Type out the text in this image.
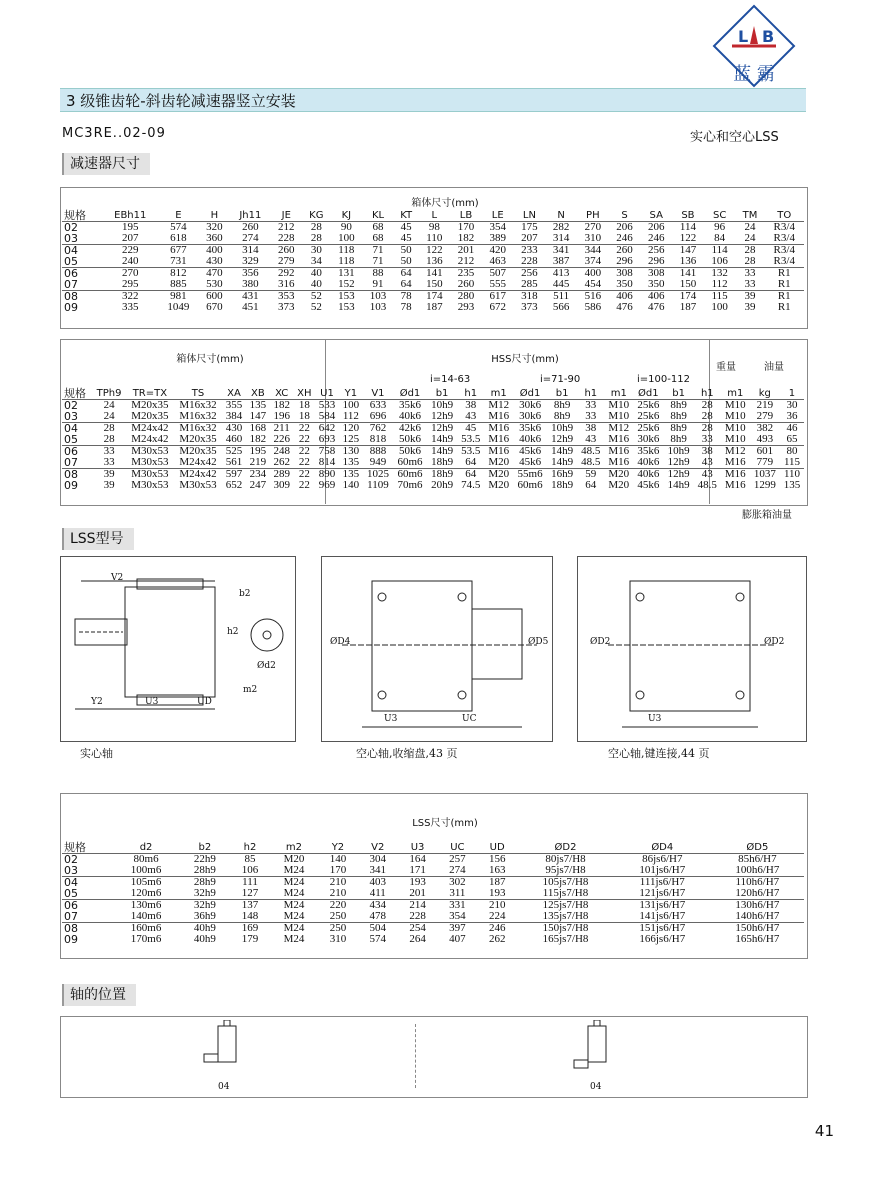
L B
蓝 霸
3 级锥齿轮-斜齿轮减速器竖立安装
MC3RE..02-09	实心和空心LSS
减速器尺寸
箱体尺寸(mm)
规格	EBh11	E	H	Jh11	JE	KG	KJ	KL	KT	L	LB	LE	LN	N	PH	S	SA	SB	SC	TM	TO
02	195	574	320	260	212	28	90	68	45	98	170	354	175	282	270	206	206	114	96	24	R3/4
03	207	618	360	274	228	28	100	68	45	110	182	389	207	314	310	246	246	122	84	24	R3/4
04	229	677	400	314	260	30	118	71	50	122	201	420	233	341	344	260	256	147	114	28	R3/4
05	240	731	430	329	279	34	118	71	50	136	212	463	228	387	374	296	296	136	106	28	R3/4
06	270	812	470	356	292	40	131	88	64	141	235	507	256	413	400	308	308	141	132	33	R1
07	295	885	530	380	316	40	152	91	64	150	260	555	285	445	454	350	350	150	112	33	R1
08	322	981	600	431	353	52	153	103	78	174	280	617	318	511	516	406	406	174	115	39	R1
09	335	1049	670	451	373	52	153	103	78	187	293	672	373	566	586	476	476	187	100	39	R1
箱体尺寸(mm)	HSS尺寸(mm)
重量	油量
i=14-63	i=71-90	i=100-112
规格	TPh9	TR=TX	TS	XA	XB	XC	XH	U1	Y1	V1	Ød1	b1	h1	m1	Ød1	b1	h1	m1	Ød1	b1	h1	m1	kg	1
02	24	M20x35	M16x32	355	135	182	18	533	100	633	35k6	10h9	38	M12	30k6	8h9	33	M10	25k6	8h9	28	M10	219	30
03	24	M20x35	M16x32	384	147	196	18	584	112	696	40k6	12h9	43	M16	30k6	8h9	33	M10	25k6	8h9	28	M10	279	36
04	28	M24x42	M16x32	430	168	211	22	642	120	762	42k6	12h9	45	M16	35k6	10h9	38	M12	25k6	8h9	28	M10	382	46
05	28	M24x42	M20x35	460	182	226	22	693	125	818	50k6	14h9	53.5	M16	40k6	12h9	43	M16	30k6	8h9	33	M10	493	65
06	33	M30x53	M20x35	525	195	248	22	758	130	888	50k6	14h9	53.5	M16	45k6	14h9	48.5	M16	35k6	10h9	38	M12	601	80
07	33	M30x53	M24x42	561	219	262	22	814	135	949	60m6	18h9	64	M20	45k6	14h9	48.5	M16	40k6	12h9	43	M16	779	115
08	39	M30x53	M24x42	597	234	289	22	890	135	1025	60m6	18h9	64	M20	55m6	16h9	59	M20	40k6	12h9	43	M16	1037	110
09	39	M30x53	M30x53	652	247	309	22	969	140	1109	70m6	20h9	74.5	M20	60m6	18h9	64	M20	45k6	14h9	48.5	M16	1299	135
膨胀箱油量
LSS型号
V2
b2
h2
Ød2
m2
Y2	U3	UD
实心轴
ØD4	ØD5
U3	UC
空心轴,收缩盘,43 页
ØD2	ØD2
U3
空心轴,键连接,44 页
LSS尺寸(mm)
规格	d2	b2	h2	m2	Y2	V2	U3	UC	UD	ØD2	ØD4	ØD5
02	80m6	22h9	85	M20	140	304	164	257	156	80js7/H8	86js6/H7	85h6/H7
03	100m6	28h9	106	M24	170	341	171	274	163	95js7/H8	101js6/H7	100h6/H7
04	105m6	28h9	111	M24	210	403	193	302	187	105js7/H8	111js6/H7	110h6/H7
05	120m6	32h9	127	M24	210	411	201	311	193	115js7/H8	121js6/H7	120h6/H7
06	130m6	32h9	137	M24	220	434	214	331	210	125js7/H8	131js6/H7	130h6/H7
07	140m6	36h9	148	M24	250	478	228	354	224	135js7/H8	141js6/H7	140h6/H7
08	160m6	40h9	169	M24	250	504	254	397	246	150js7/H8	151js6/H7	150h6/H7
09	170m6	40h9	179	M24	310	574	264	407	262	165js7/H8	166js6/H7	165h6/H7
轴的位置
04	04
41
